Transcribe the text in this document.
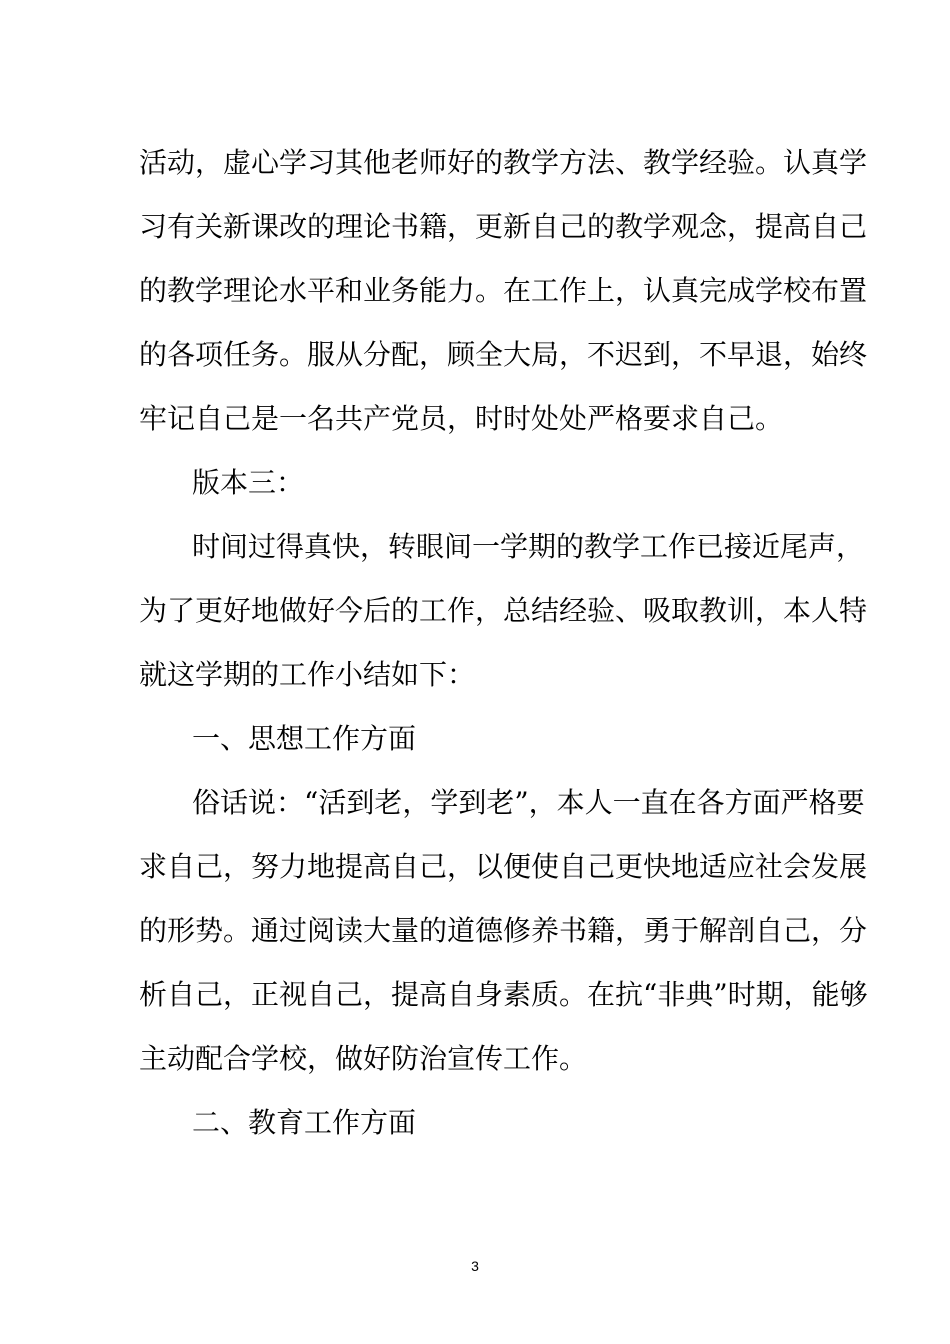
活动，虚心学习其他老师好的教学方法、教学经验。认真学
习有关新课改的理论书籍，更新自己的教学观念，提高自己
的教学理论水平和业务能力。在工作上，认真完成学校布置
的各项任务。服从分配，顾全大局，不迟到，不早退，始终
牢记自己是一名共产党员，时时处处严格要求自己。
版本三：
时间过得真快，转眼间一学期的教学工作已接近尾声，
为了更好地做好今后的工作，总结经验、吸取教训，本人特
就这学期的工作小结如下：
一、思想工作方面
俗话说：“活到老，学到老”，本人一直在各方面严格要
求自己，努力地提高自己，以便使自己更快地适应社会发展
的形势。通过阅读大量的道德修养书籍，勇于解剖自己，分
析自己，正视自己，提高自身素质。在抗“非典”时期，能够
主动配合学校，做好防治宣传工作。
二、教育工作方面
3
